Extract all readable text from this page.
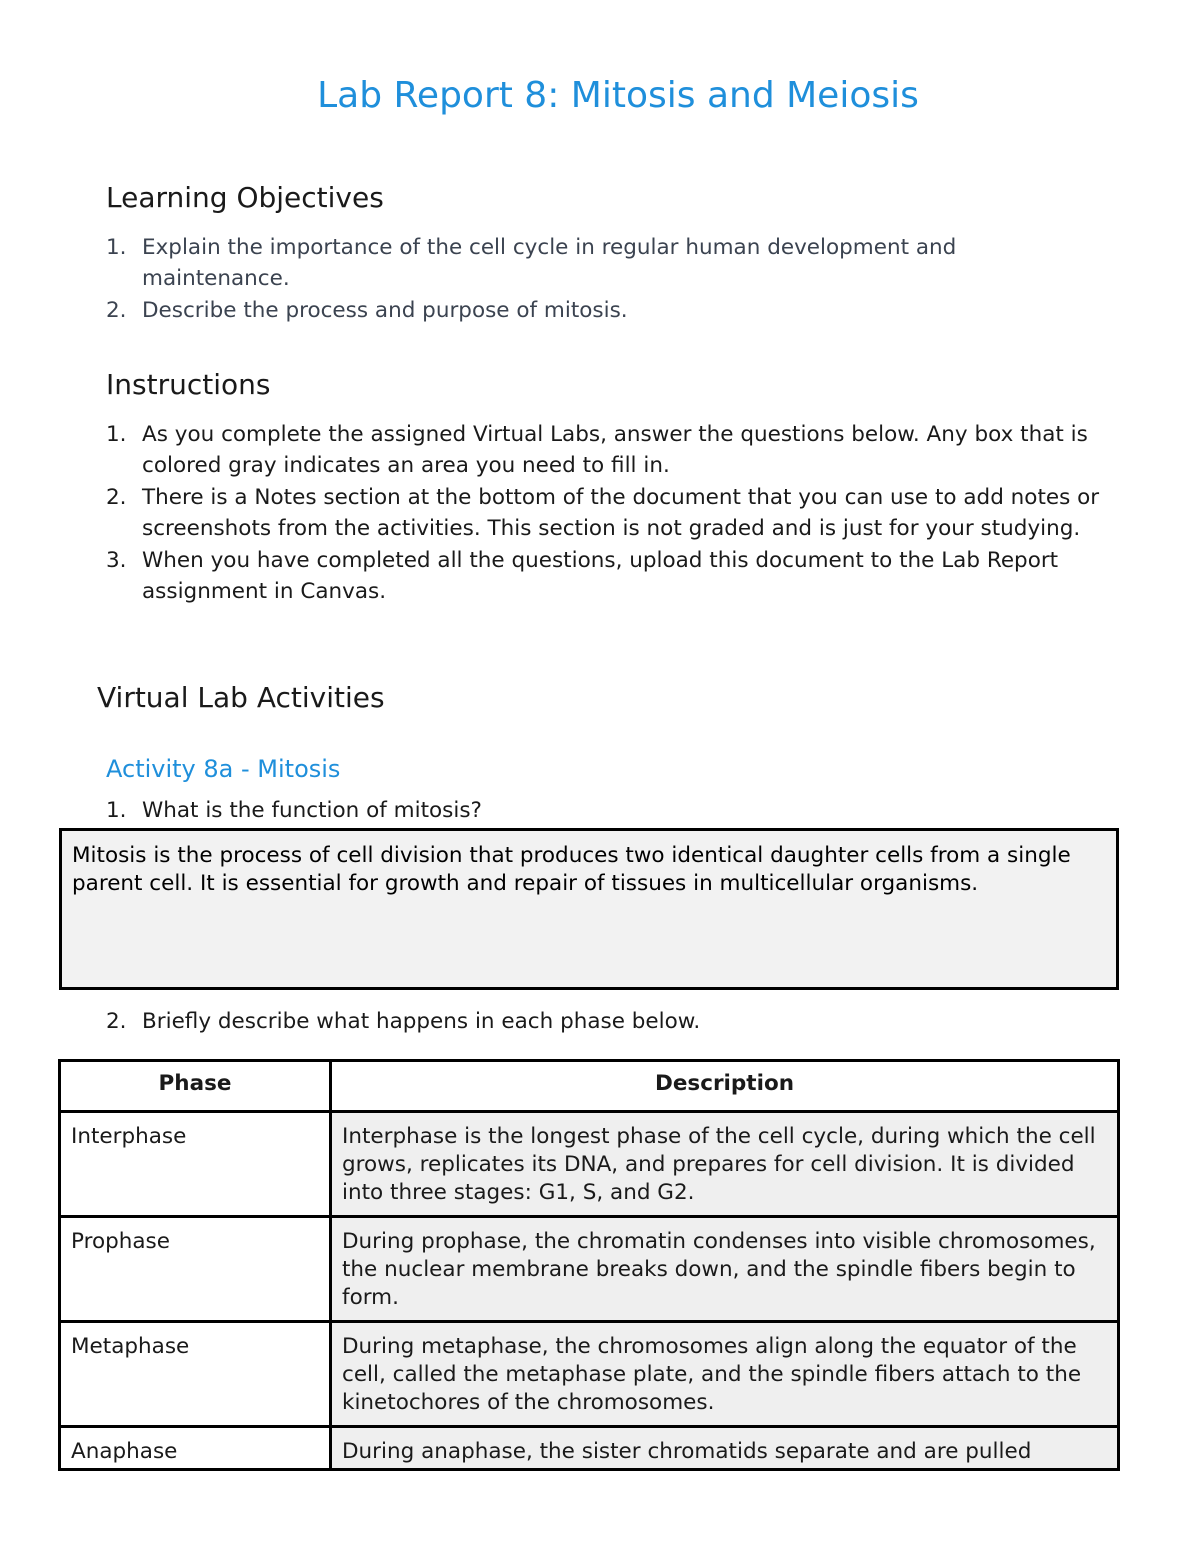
Lab Report 8: Mitosis and Meiosis
Learning Objectives
1. Explain the importance of the cell cycle in regular human development and maintenance.
2. Describe the process and purpose of mitosis.
Instructions
1. As you complete the assigned Virtual Labs, answer the questions below. Any box that is colored gray indicates an area you need to fill in.
2. There is a Notes section at the bottom of the document that you can use to add notes or screenshots from the activities. This section is not graded and is just for your studying.
3. When you have completed all the questions, upload this document to the Lab Report assignment in Canvas.
Virtual Lab Activities
Activity 8a - Mitosis
1. What is the function of mitosis?
Mitosis is the process of cell division that produces two identical daughter cells from a single parent cell. It is essential for growth and repair of tissues in multicellular organisms.
2. Briefly describe what happens in each phase below.
Phase	Description
Interphase	Interphase is the longest phase of the cell cycle, during which the cell grows, replicates its DNA, and prepares for cell division. It is divided into three stages: G1, S, and G2.
Prophase	During prophase, the chromatin condenses into visible chromosomes, the nuclear membrane breaks down, and the spindle fibers begin to form.
Metaphase	During metaphase, the chromosomes align along the equator of the cell, called the metaphase plate, and the spindle fibers attach to the kinetochores of the chromosomes.
Anaphase	During anaphase, the sister chromatids separate and are pulled
